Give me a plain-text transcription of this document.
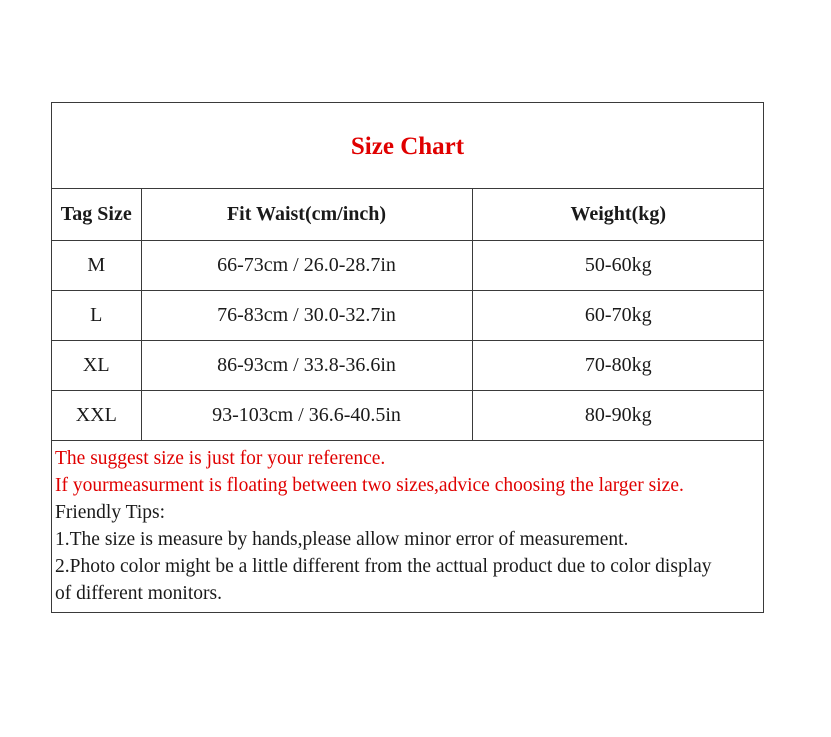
Size Chart
Tag Size	Fit Waist(cm/inch)	Weight(kg)
M	66-73cm / 26.0-28.7in	50-60kg
L	76-83cm / 30.0-32.7in	60-70kg
XL	86-93cm / 33.8-36.6in	70-80kg
XXL	93-103cm / 36.6-40.5in	80-90kg
The suggest size is just for your reference.
If yourmeasurment is floating between two sizes,advice choosing the larger size.
Friendly Tips:
1.The size is measure by hands,please allow minor error of measurement.
2.Photo color might be a little different from the acttual product due to color display
of different monitors.
